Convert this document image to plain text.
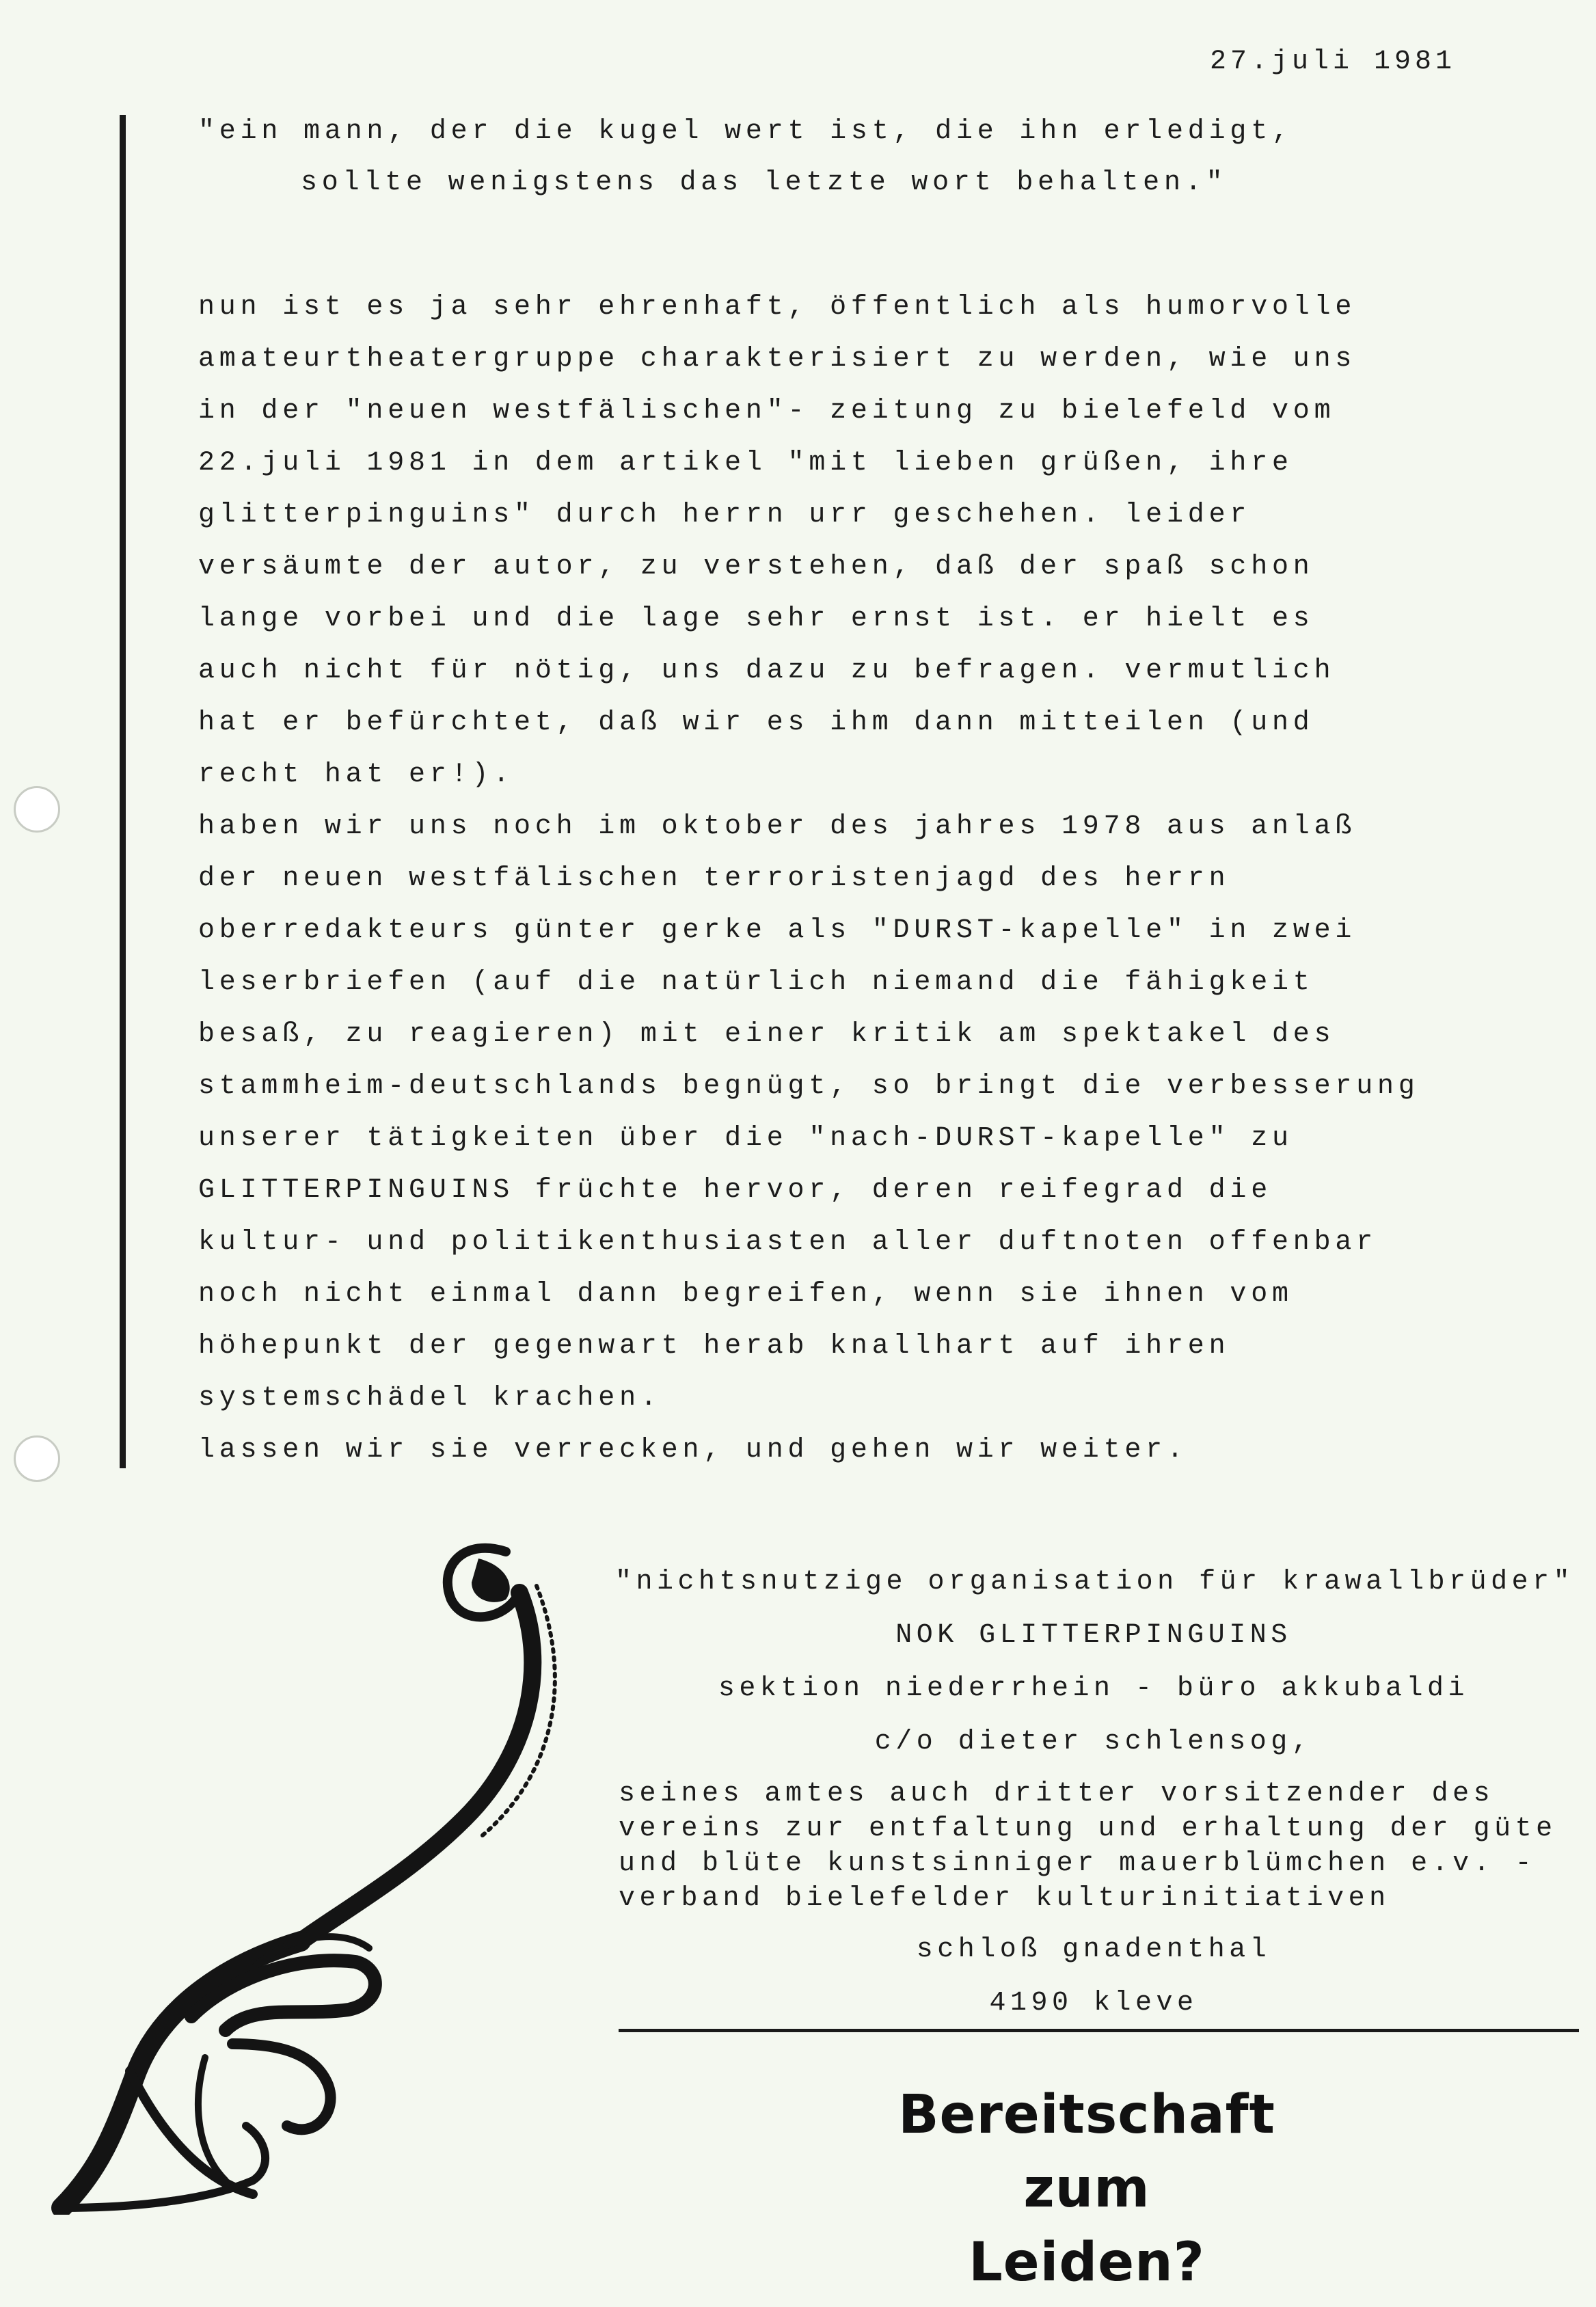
27.juli 1981
"ein mann, der die kugel wert ist, die ihn erledigt,
sollte wenigstens das letzte wort behalten."
nun ist es ja sehr ehrenhaft, öffentlich als humorvolle
amateurtheatergruppe charakterisiert zu werden, wie uns
in der "neuen westfälischen"- zeitung zu bielefeld vom
22.juli 1981 in dem artikel "mit lieben grüßen, ihre
glitterpinguins" durch herrn urr geschehen. leider
versäumte der autor, zu verstehen, daß der spaß schon
lange vorbei und die lage sehr ernst ist. er hielt es
auch nicht für nötig, uns dazu zu befragen. vermutlich
hat er befürchtet, daß wir es ihm dann mitteilen (und
recht hat er!).
haben wir uns noch im oktober des jahres 1978 aus anlaß
der neuen westfälischen terroristenjagd des herrn
oberredakteurs günter gerke als "DURST-kapelle" in zwei
leserbriefen (auf die natürlich niemand die fähigkeit
besaß, zu reagieren) mit einer kritik am spektakel des
stammheim-deutschlands begnügt, so bringt die verbesserung
unserer tätigkeiten über die "nach-DURST-kapelle" zu
GLITTERPINGUINS früchte hervor, deren reifegrad die
kultur- und politikenthusiasten aller duftnoten offenbar
noch nicht einmal dann begreifen, wenn sie ihnen vom
höhepunkt der gegenwart herab knallhart auf ihren
systemschädel krachen.
lassen wir sie verrecken, und gehen wir weiter.
"nichtsnutzige organisation für krawallbrüder"
NOK GLITTERPINGUINS
sektion niederrhein - büro akkubaldi
c/o dieter schlensog,
seines amtes auch dritter vorsitzender des
vereins zur entfaltung und erhaltung der güte
und blüte kunstsinniger mauerblümchen e.v. -
verband bielefelder kulturinitiativen
schloß gnadenthal
4190 kleve
Bereitschaft
zum
Leiden?
